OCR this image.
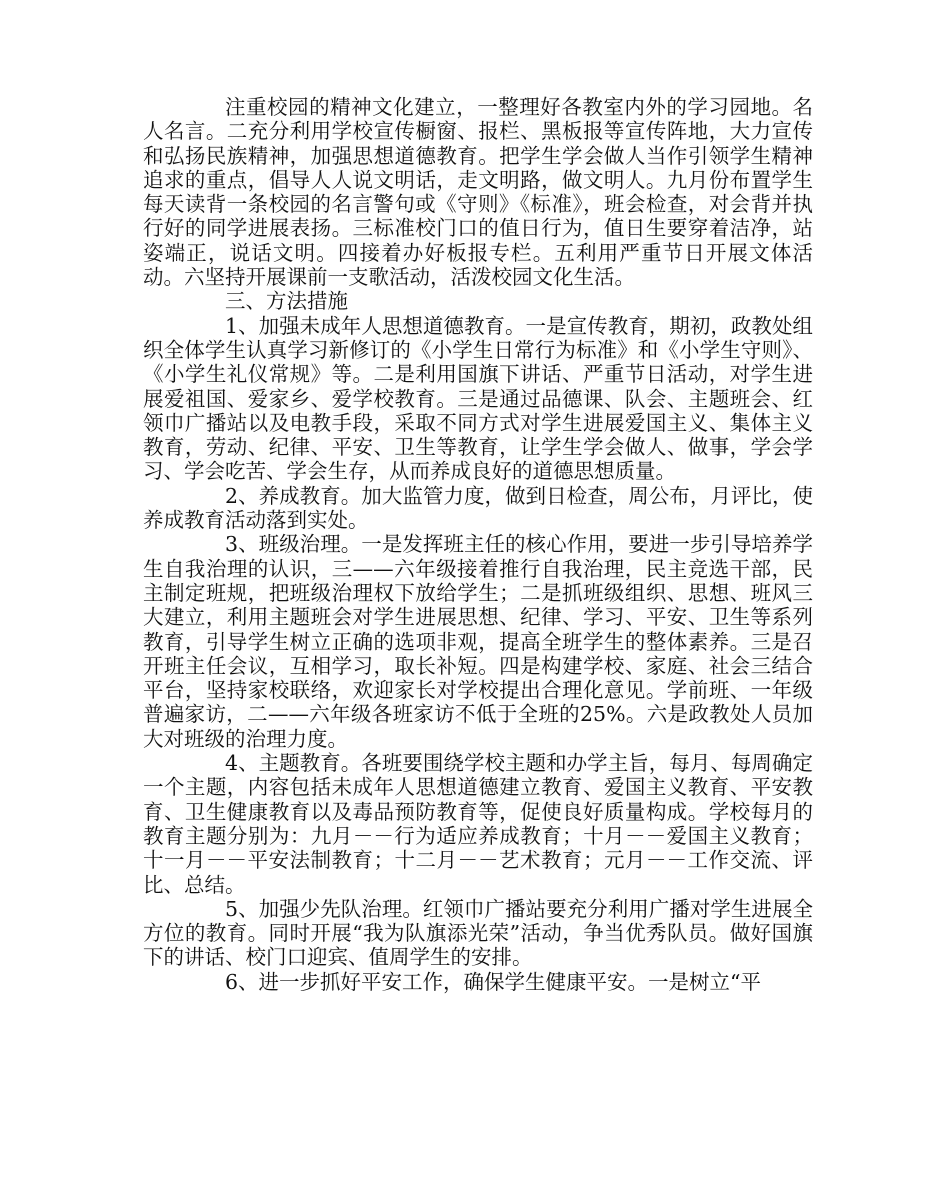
注重校园的精神文化建立，一整理好各教室内外的学习园地。名人名言。二充分利用学校宣传橱窗、报栏、黑板报等宣传阵地，大力宣传和弘扬民族精神，加强思想道德教育。把学生学会做人当作引领学生精神追求的重点，倡导人人说文明话，走文明路，做文明人。九月份布置学生每天读背一条校园的名言警句或《守则》《标准》，班会检查，对会背并执行好的同学进展表扬。三标准校门口的值日行为，值日生要穿着洁净，站姿端正，说话文明。四接着办好板报专栏。五利用严重节日开展文体活动。六坚持开展课前一支歌活动，活泼校园文化生活。

三、方法措施

1、加强未成年人思想道德教育。一是宣传教育，期初，政教处组织全体学生认真学习新修订的《小学生日常行为标准》和《小学生守则》、《小学生礼仪常规》等。二是利用国旗下讲话、严重节日活动，对学生进展爱祖国、爱家乡、爱学校教育。三是通过品德课、队会、主题班会、红领巾广播站以及电教手段，采取不同方式对学生进展爱国主义、集体主义教育，劳动、纪律、平安、卫生等教育，让学生学会做人、做事，学会学习、学会吃苦、学会生存，从而养成良好的道德思想质量。

2、养成教育。加大监管力度，做到日检查，周公布，月评比，使养成教育活动落到实处。

3、班级治理。一是发挥班主任的核心作用，要进一步引导培养学生自我治理的认识，三——六年级接着推行自我治理，民主竞选干部，民主制定班规，把班级治理权下放给学生；二是抓班级组织、思想、班风三大建立，利用主题班会对学生进展思想、纪律、学习、平安、卫生等系列教育，引导学生树立正确的选项非观，提高全班学生的整体素养。三是召开班主任会议，互相学习，取长补短。四是构建学校、家庭、社会三结合平台，坚持家校联络，欢迎家长对学校提出合理化意见。学前班、一年级普遍家访，二——六年级各班家访不低于全班的25%。六是政教处人员加大对班级的治理力度。

4、主题教育。各班要围绕学校主题和办学主旨，每月、每周确定一个主题，内容包括未成年人思想道德建立教育、爱国主义教育、平安教育、卫生健康教育以及毒品预防教育等，促使良好质量构成。学校每月的教育主题分别为：九月－－行为适应养成教育；十月－－爱国主义教育；十一月－－平安法制教育；十二月－－艺术教育；元月－－工作交流、评比、总结。

5、加强少先队治理。红领巾广播站要充分利用广播对学生进展全方位的教育。同时开展“我为队旗添光荣”活动，争当优秀队员。做好国旗下的讲话、校门口迎宾、值周学生的安排。

6、进一步抓好平安工作，确保学生健康平安。一是树立“平
